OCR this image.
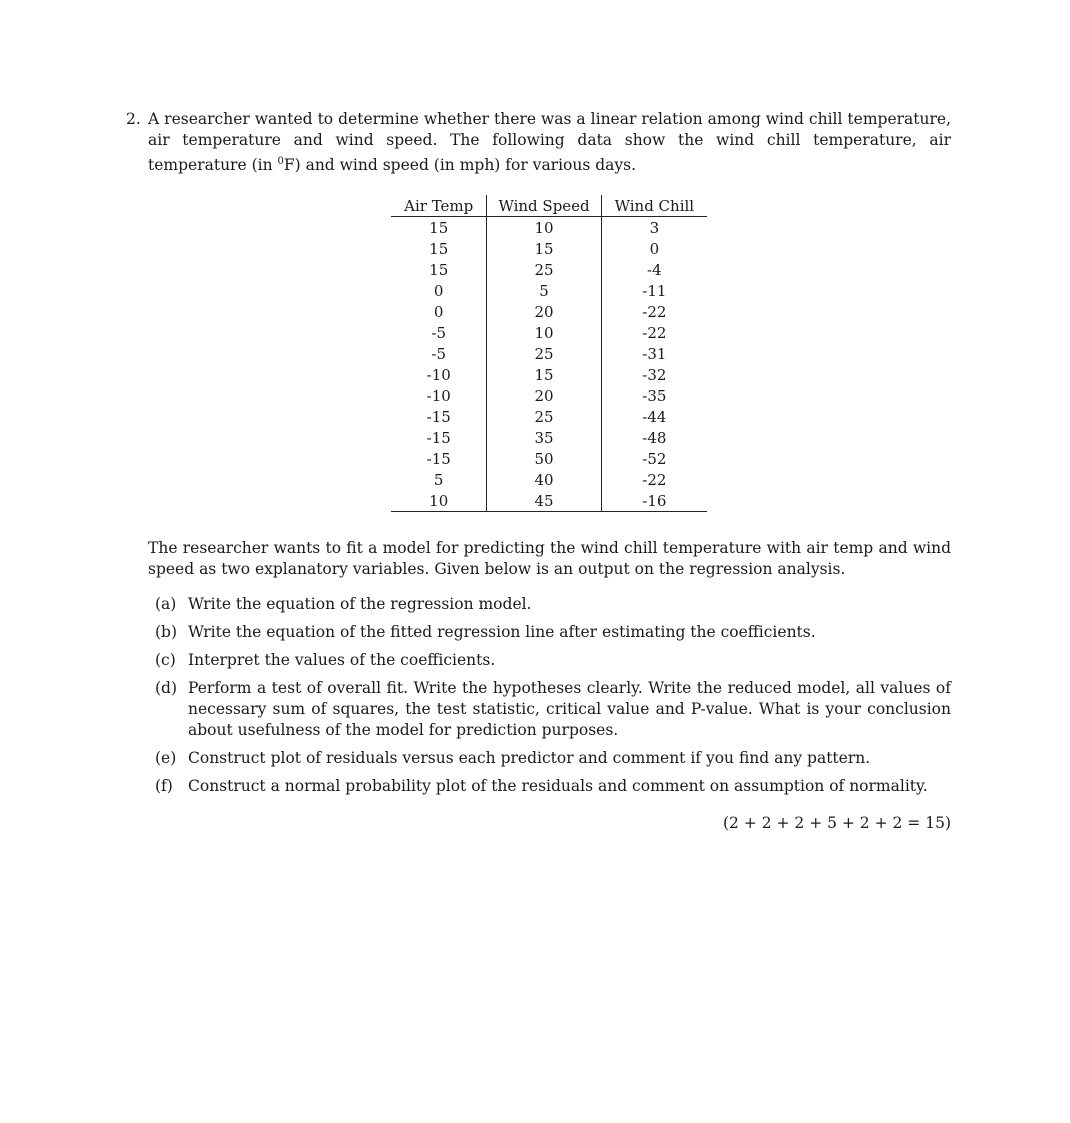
2. A researcher wanted to determine whether there was a linear relation among wind chill temperature, air temperature and wind speed. The following data show the wind chill temperature, air temperature (in $^0$F) and wind speed (in mph) for various days.
Air Temp	Wind Speed	Wind Chill
15	10	3
15	15	0
15	25	-4
0	5	-11
0	20	-22
-5	10	-22
-5	25	-31
-10	15	-32
-10	20	-35
-15	25	-44
-15	35	-48
-15	50	-52
5	40	-22
10	45	-16
The researcher wants to fit a model for predicting the wind chill temperature with air temp and wind speed as two explanatory variables. Given below is an output on the regression analysis.
(a) Write the equation of the regression model.
(b) Write the equation of the fitted regression line after estimating the coefficients.
(c) Interpret the values of the coefficients.
(d) Perform a test of overall fit. Write the hypotheses clearly. Write the reduced model, all values of necessary sum of squares, the test statistic, critical value and P-value. What is your conclusion about usefulness of the model for prediction purposes.
(e) Construct plot of residuals versus each predictor and comment if you find any pattern.
(f) Construct a normal probability plot of the residuals and comment on assumption of normality.
(2 + 2 + 2 + 5 + 2 + 2 = 15)
